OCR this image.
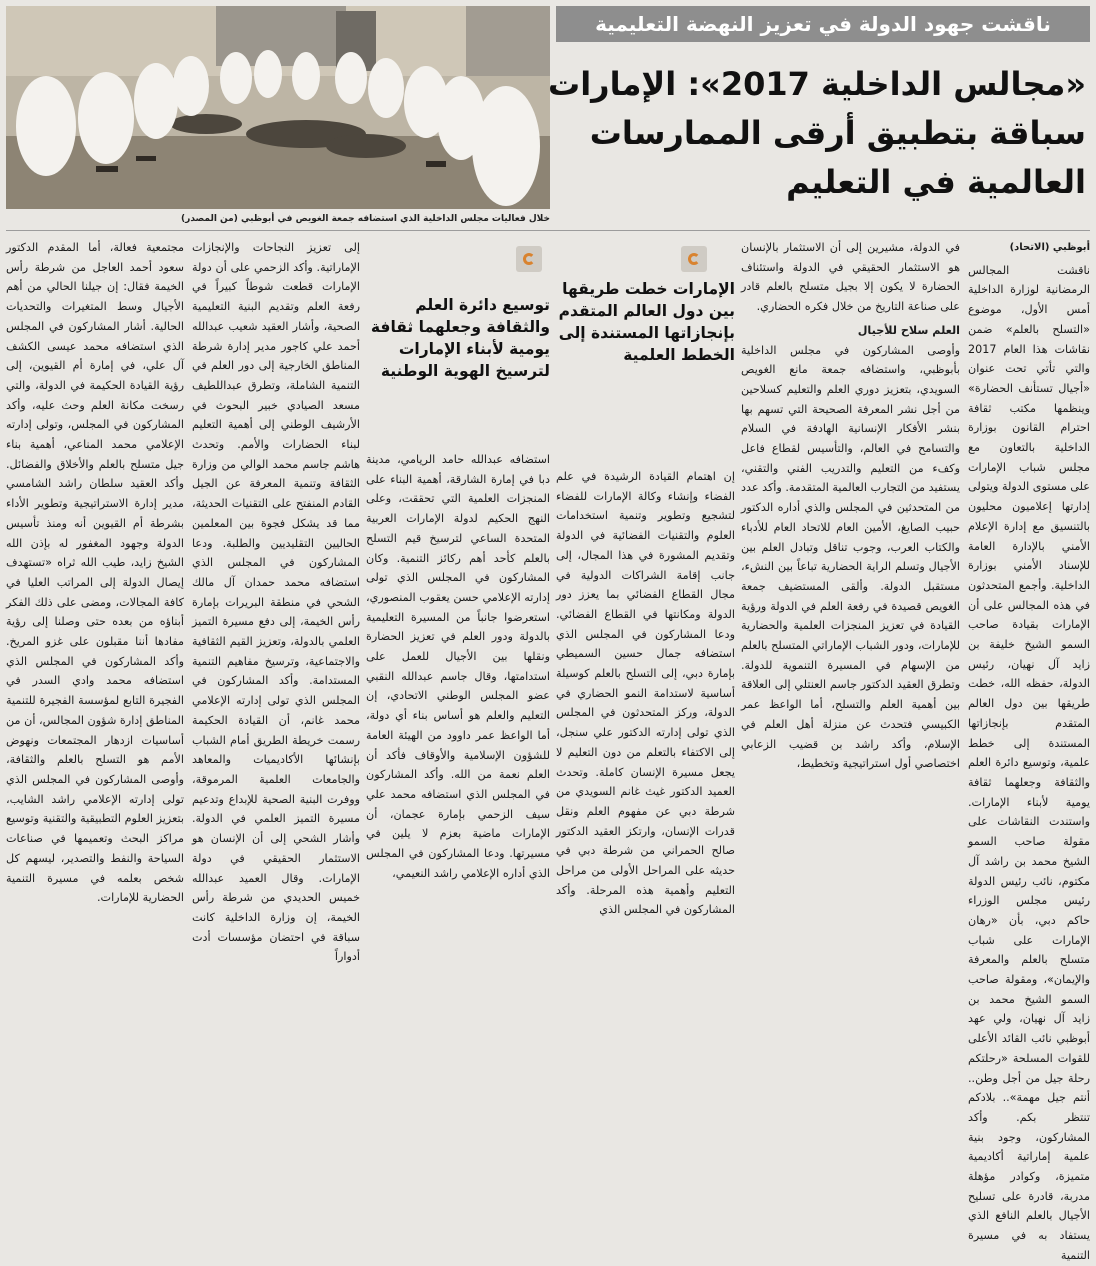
خلال فعاليات مجلس الداخلية الذي استضافه جمعة الغويص في أبوظبي (من المصدر)
ناقشت جهود الدولة في تعزيز النهضة التعليمية
«مجالس الداخلية 2017»: الإمارات
سباقة بتطبيق أرقى الممارسات
العالمية في التعليم
أبوظبي (الاتحاد)

ناقشت المجالس الرمضانية لوزارة الداخلية أمس الأول، موضوع «التسلح بالعلم» ضمن نقاشات هذا العام 2017 والتي تأتي تحت عنوان «أجيال تستأنف الحضارة» وينظمها مكتب ثقافة احترام القانون بوزارة الداخلية بالتعاون مع مجلس شباب الإمارات على مستوى الدولة ويتولى إدارتها إعلاميون محليون بالتنسيق مع إدارة الإعلام الأمني بالإدارة العامة للإسناد الأمني بوزارة الداخلية. وأجمع المتحدثون في هذه المجالس على أن الإمارات بقيادة صاحب السمو الشيخ خليفة بن زايد آل نهيان، رئيس الدولة، حفظه الله، خطت طريقها بين دول العالم المتقدم بإنجازاتها المستندة إلى خطط علمية، وتوسيع دائرة العلم والثقافة وجعلهما ثقافة يومية لأبناء الإمارات. واستندت النقاشات على مقولة صاحب السمو الشيخ محمد بن راشد آل مكتوم، نائب رئيس الدولة رئيس مجلس الوزراء حاكم دبي، بأن «رهان الإمارات على شباب متسلح بالعلم والمعرفة والإيمان»، ومقولة صاحب السمو الشيخ محمد بن زايد آل نهيان، ولي عهد أبوظبي نائب القائد الأعلى للقوات المسلحة «رحلتكم رحلة جيل من أجل وطن.. أنتم جيل مهمة».. بلادكم تنتظر بكم. وأكد المشاركون، وجود بنية علمية إماراتية أكاديمية متميزة، وكوادر مؤهلة مدربة، قادرة على تسليح الأجيال بالعلم النافع الذي يستفاد به في مسيرة التنمية

في الدولة، مشيرين إلى أن الاستثمار بالإنسان هو الاستثمار الحقيقي في الدولة واستئناف الحضارة لا يكون إلا بجيل متسلح بالعلم قادر على صناعة التاريخ من خلال فكره الحضاري.

العلم سلاح للأجيال

وأوصى المشاركون في مجلس الداخلية بأبوظبي، واستضافه جمعة مانع الغويص السويدي، بتعزيز دوري العلم والتعليم كسلاحين من أجل نشر المعرفة الصحيحة التي تسهم بها بنشر الأفكار الإنسانية الهادفة في السلام والتسامح في العالم، والتأسيس لقطاع فاعل وكفء من التعليم والتدريب الفني والتقني، يستفيد من التجارب العالمية المتقدمة. وأكد عدد من المتحدثين في المجلس والذي أداره الدكتور حبيب الصايغ، الأمين العام للاتحاد العام للأدباء والكتاب العرب، وجوب تناقل وتبادل العلم بين الأجيال وتسلم الراية الحضارية تباعاً بين النشء، مستقبل الدولة. وألقى المستضيف جمعة الغويص قصيدة في رفعة العلم في الدولة ورؤية القيادة في تعزيز المنجزات العلمية والحضارية للإمارات، ودور الشباب الإماراتي المتسلح بالعلم من الإسهام في المسيرة التنموية للدولة. وتطرق العقيد الدكتور جاسم العنتلي إلى العلاقة بين أهمية العلم والتسلح، أما الواعظ عمر الكبيسي فتحدث عن منزلة أهل العلم في الإسلام، وأكد راشد بن قضيب الزعابي اختصاصي أول استراتيجية وتخطيط،

الإمارات خطت طريقها بين دول العالم المتقدم بإنجازاتها المستندة إلى الخطط العلمية

إن اهتمام القيادة الرشيدة في علم الفضاء وإنشاء وكالة الإمارات للفضاء لتشجيع وتطوير وتنمية استخدامات العلوم والتقنيات الفضائية في الدولة وتقديم المشورة في هذا المجال، إلى جانب إقامة الشراكات الدولية في مجال القطاع الفضائي بما يعزز دور الدولة ومكانتها في القطاع الفضائي. ودعا المشاركون في المجلس الذي استضافه جمال حسين السميطي بإمارة دبي، إلى التسلح بالعلم كوسيلة أساسية لاستدامة النمو الحضاري في الدولة، وركز المتحدثون في المجلس الذي تولى إدارته الدكتور علي سنجل، إلى الاكتفاء بالتعلم من دون التعليم لا يجعل مسيرة الإنسان كاملة. وتحدث العميد الدكتور غيث غانم السويدي من شرطة دبي عن مفهوم العلم ونقل قدرات الإنسان، وارتكز العقيد الدكتور صالح الحمراني من شرطة دبي في حديثه على المراحل الأولى من مراحل التعليم وأهمية هذه المرحلة. وأكد المشاركون في المجلس الذي

توسيع دائرة العلم والثقافة وجعلهما ثقافة يومية لأبناء الإمارات لترسيخ الهوية الوطنية

استضافه عبدالله حامد الريامي، مدينة دبا في إمارة الشارقة، أهمية البناء على المنجزات العلمية التي تحققت، وعلى النهج الحكيم لدولة الإمارات العربية المتحدة الساعي لترسيخ قيم التسلح بالعلم كأحد أهم ركائز التنمية. وكان المشاركون في المجلس الذي تولى إدارته الإعلامي حسن يعقوب المنصوري، استعرضوا جانباً من المسيرة التعليمية بالدولة ودور العلم في تعزيز الحضارة ونقلها بين الأجيال للعمل على استدامتها، وقال جاسم عبدالله النقبي عضو المجلس الوطني الاتحادي، إن التعليم والعلم هو أساس بناء أي دولة، أما الواعظ عمر داوود من الهيئة العامة للشؤون الإسلامية والأوقاف فأكد أن العلم نعمة من الله. وأكد المشاركون في المجلس الذي استضافه محمد علي سيف الزحمي بإمارة عجمان، أن الإمارات ماضية بعزم لا يلين في مسيرتها. ودعا المشاركون في المجلس الذي أداره الإعلامي راشد النعيمي،

إلى تعزيز النجاحات والإنجازات الإماراتية. وأكد الزحمي على أن دولة الإمارات قطعت شوطاً كبيراً في رفعة العلم وتقديم البنية التعليمية الصحية، وأشار العقيد شعيب عبدالله أحمد علي كاجور مدير إدارة شرطة المناطق الخارجية إلى دور العلم في التنمية الشاملة، وتطرق عبداللطيف مسعد الصيادي خبير البحوث في الأرشيف الوطني إلى أهمية التعليم لبناء الحضارات والأمم. وتحدث هاشم جاسم محمد الوالي من وزارة الثقافة وتنمية المعرفة عن الجيل القادم المنفتح على التقنيات الحديثة، مما قد يشكل فجوة بين المعلمين الحاليين التقليديين والطلبة. ودعا المشاركون في المجلس الذي استضافه محمد حمدان آل مالك الشحي في منطقة البريرات بإمارة رأس الخيمة، إلى دفع مسيرة التميز العلمي بالدولة، وتعزيز القيم الثقافية والاجتماعية، وترسيخ مفاهيم التنمية المستدامة. وأكد المشاركون في المجلس الذي تولى إدارته الإعلامي محمد غانم، أن القيادة الحكيمة رسمت خريطة الطريق أمام الشباب بإنشائها الأكاديميات والمعاهد والجامعات العلمية المرموقة، ووفرت البنية الصحية للإبداع وتدعيم مسيرة التميز العلمي في الدولة. وأشار الشحي إلى أن الإنسان هو الاستثمار الحقيقي في دولة الإمارات. وقال العميد عبدالله خميس الحديدي من شرطة رأس الخيمة، إن وزارة الداخلية كانت سباقة في احتضان مؤسسات أدت أدواراً

مجتمعية فعالة، أما المقدم الدكتور سعود أحمد العاجل من شرطة رأس الخيمة فقال: إن جيلنا الحالي من أهم الأجيال وسط المتغيرات والتحديات الحالية. أشار المشاركون في المجلس الذي استضافه محمد عيسى الكشف آل علي، في إمارة أم القيوين، إلى رؤية القيادة الحكيمة في الدولة، والتي رسخت مكانة العلم وحث عليه، وأكد المشاركون في المجلس، وتولى إدارته الإعلامي محمد المناعي، أهمية بناء جيل متسلح بالعلم والأخلاق والفضائل. وأكد العقيد سلطان راشد الشامسي مدير إدارة الاستراتيجية وتطوير الأداء بشرطة أم القيوين أنه ومنذ تأسيس الدولة وجهود المغفور له بإذن الله الشيخ زايد، طيب الله ثراه «تستهدف إيصال الدولة إلى المراتب العليا في كافة المجالات، ومضى على ذلك الفكر أبناؤه من بعده حتى وصلنا إلى رؤية مفادها أننا مقبلون على غزو المريخ. وأكد المشاركون في المجلس الذي استضافه محمد وادي السدر في الفجيرة التابع لمؤسسة الفجيرة للتنمية المناطق إدارة شؤون المجالس، أن من أساسيات ازدهار المجتمعات ونهوض الأمم هو التسلح بالعلم والثقافة، وأوصى المشاركون في المجلس الذي تولى إدارته الإعلامي راشد الشايب، بتعزيز العلوم التطبيقية والتقنية وتوسيع مراكز البحث وتعميمها في صناعات السياحة والنفط والتصدير، ليسهم كل شخص بعلمه في مسيرة التنمية الحضارية للإمارات.
